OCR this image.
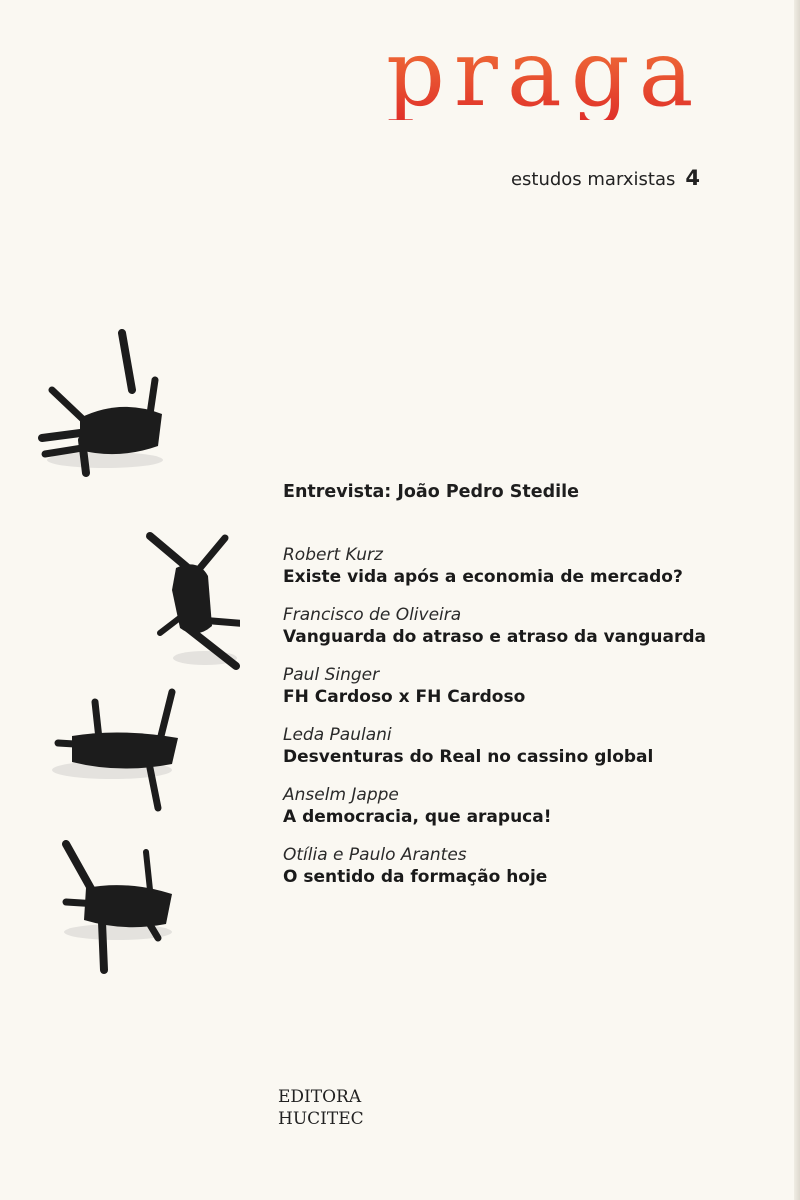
praga
estudos marxistas 4
Entrevista: João Pedro Stedile
Robert Kurz
Existe vida após a economia de mercado?
Francisco de Oliveira
Vanguarda do atraso e atraso da vanguarda
Paul Singer
FH Cardoso x FH Cardoso
Leda Paulani
Desventuras do Real no cassino global
Anselm Jappe
A democracia, que arapuca!
Otília e Paulo Arantes
O sentido da formação hoje
EDITORA
HUCITEC
